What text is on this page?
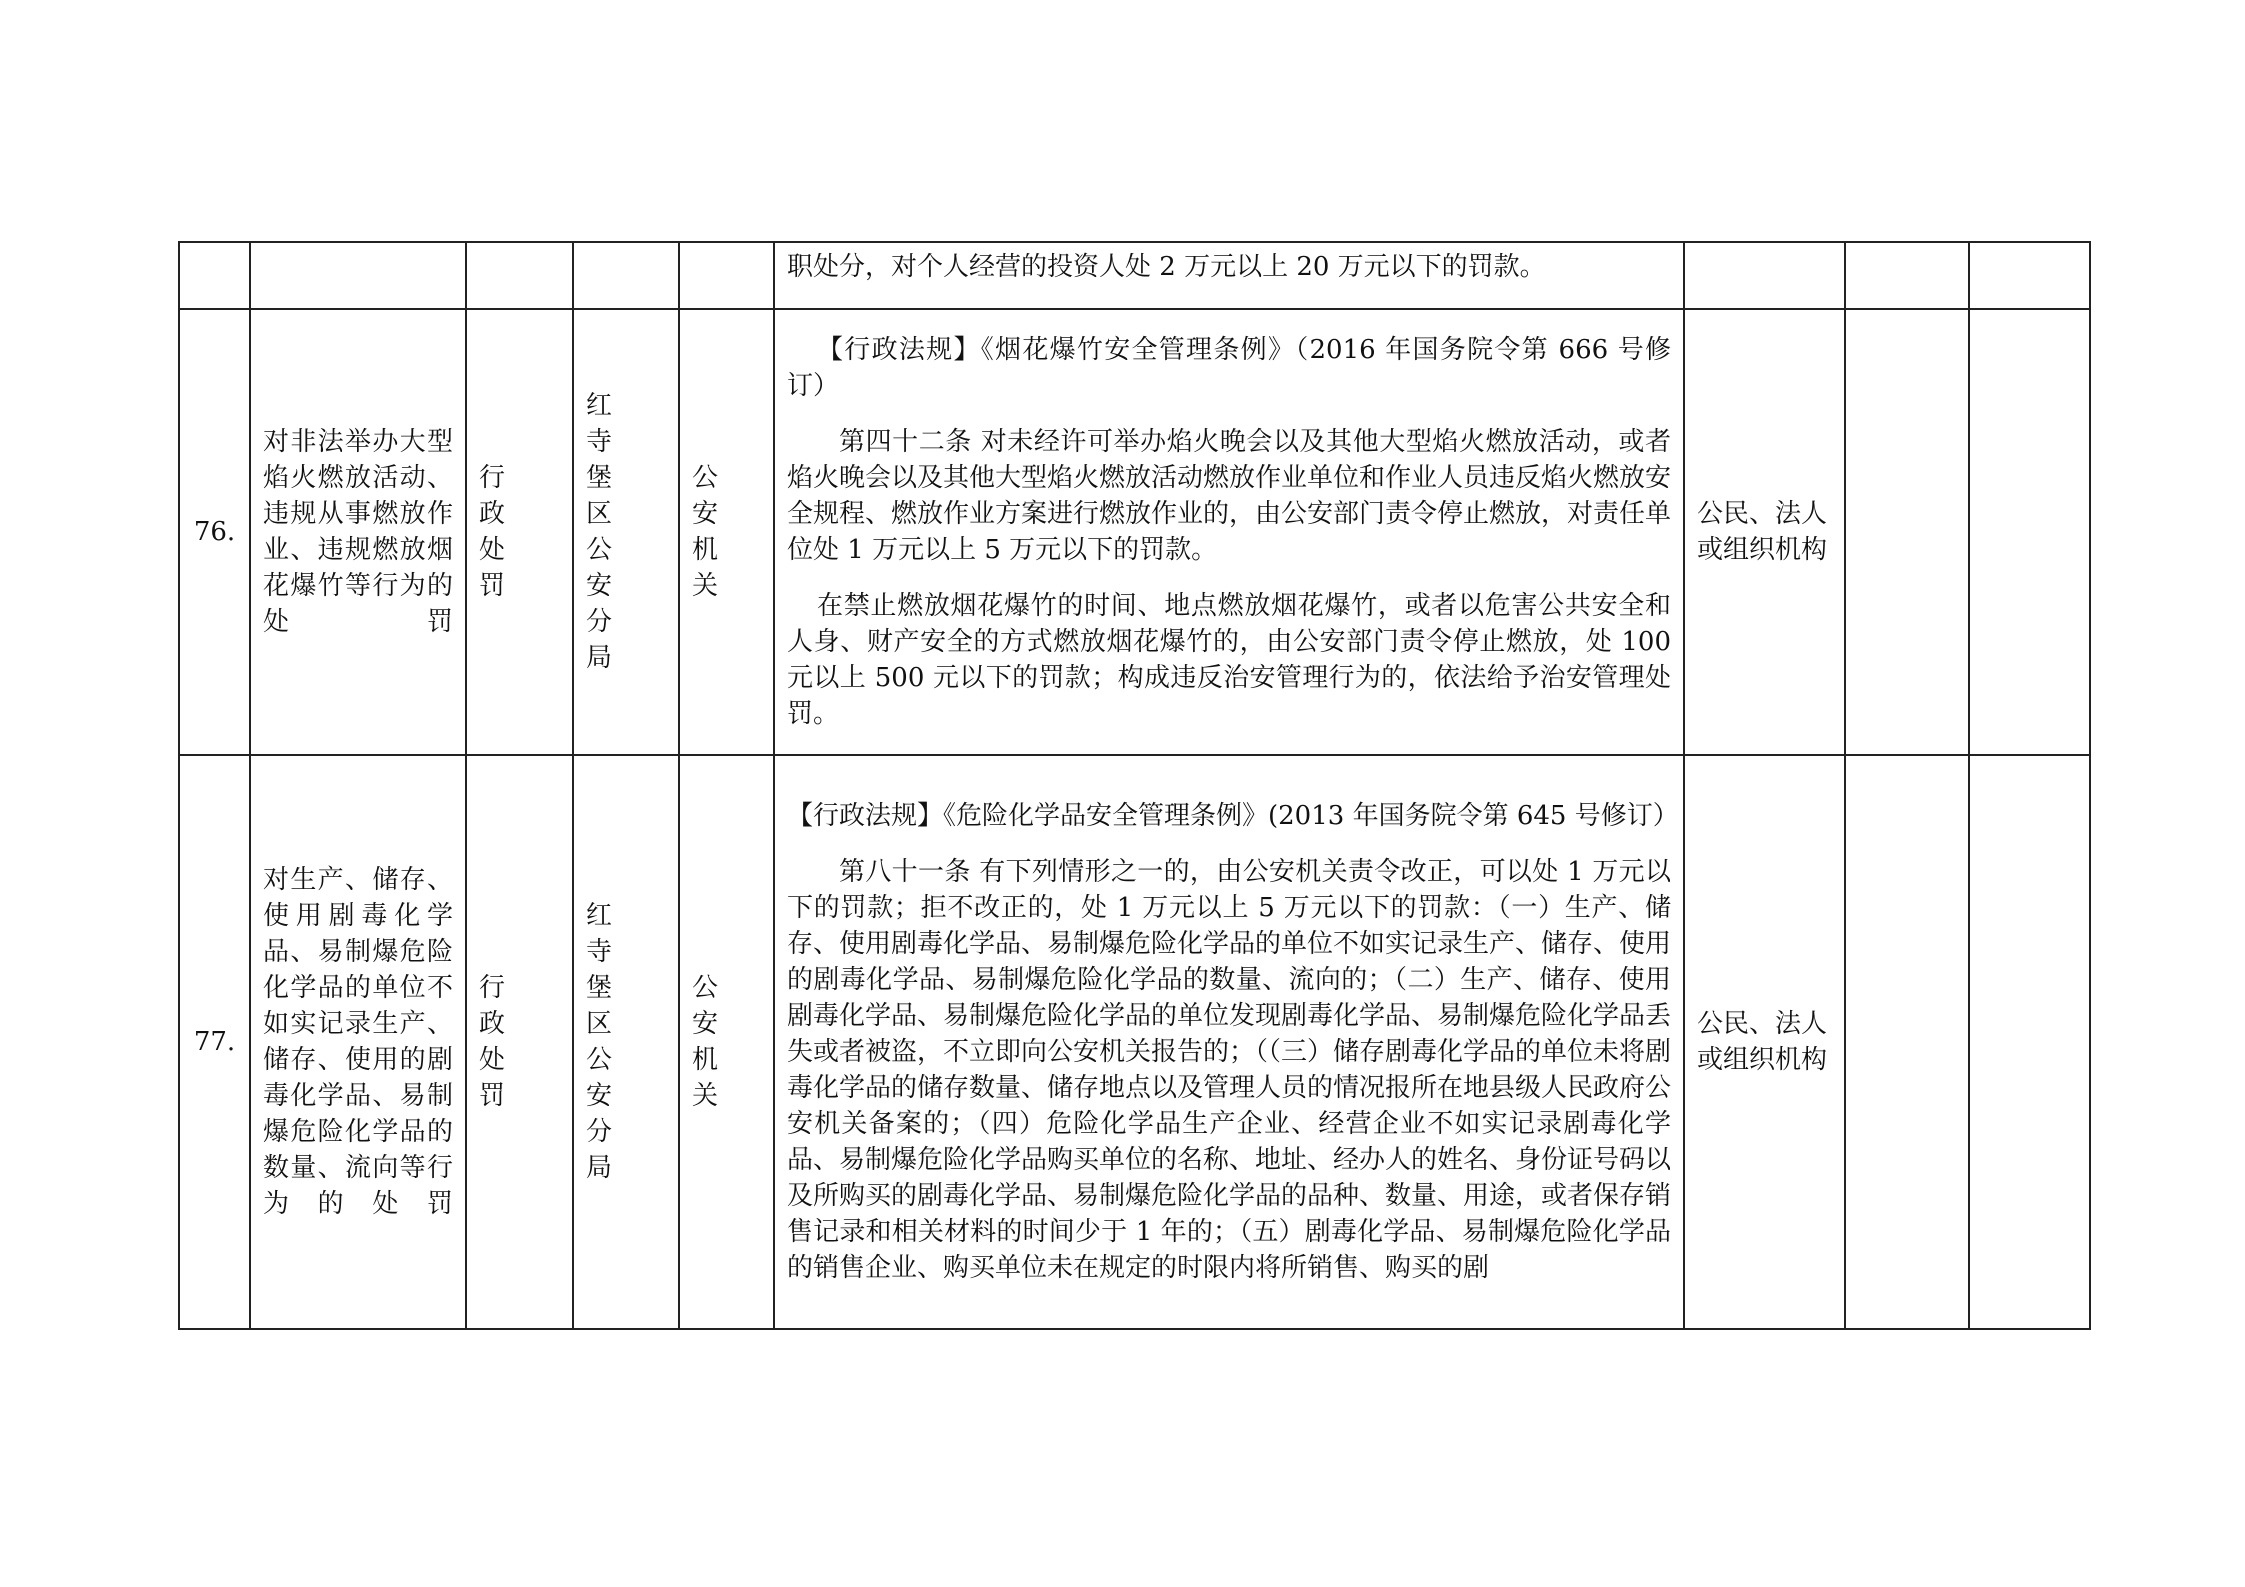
					职处分，对个人经营的投资人处 2 万元以上 20 万元以下的罚款。			

76.	对非法举办大型焰火燃放活动、违规从事燃放作业、违规燃放烟花爆竹等行为的处罚	行政处罚	红寺堡区公安分局	公安机关	【行政法规】《烟花爆竹安全管理条例》（2016 年国务院令第 666 号修订）

第四十二条 对未经许可举办焰火晚会以及其他大型焰火燃放活动，或者焰火晚会以及其他大型焰火燃放活动燃放作业单位和作业人员违反焰火燃放安全规程、燃放作业方案进行燃放作业的，由公安部门责令停止燃放，对责任单位处 1 万元以上 5 万元以下的罚款。

在禁止燃放烟花爆竹的时间、地点燃放烟花爆竹，或者以危害公共安全和人身、财产安全的方式燃放烟花爆竹的，由公安部门责令停止燃放，处 100 元以上 500 元以下的罚款；构成违反治安管理行为的，依法给予治安管理处罚。	公民、法人或组织机构		
77.	对生产、储存、使用剧毒化学品、易制爆危险化学品的单位不如实记录生产、储存、使用的剧毒化学品、易制爆危险化学品的数量、流向等行为的处罚	行政处罚	红寺堡区公安分局	公安机关	【行政法规】《危险化学品安全管理条例》(2013 年国务院令第 645 号修订）

第八十一条 有下列情形之一的，由公安机关责令改正，可以处 1 万元以下的罚款；拒不改正的，处 1 万元以上 5 万元以下的罚款：（一）生产、储存、使用剧毒化学品、易制爆危险化学品的单位不如实记录生产、储存、使用的剧毒化学品、易制爆危险化学品的数量、流向的；（二）生产、储存、使用剧毒化学品、易制爆危险化学品的单位发现剧毒化学品、易制爆危险化学品丢失或者被盗，不立即向公安机关报告的；（（三）储存剧毒化学品的单位未将剧毒化学品的储存数量、储存地点以及管理人员的情况报所在地县级人民政府公安机关备案的；（四）危险化学品生产企业、经营企业不如实记录剧毒化学品、易制爆危险化学品购买单位的名称、地址、经办人的姓名、身份证号码以及所购买的剧毒化学品、易制爆危险化学品的品种、数量、用途，或者保存销售记录和相关材料的时间少于 1 年的；（五）剧毒化学品、易制爆危险化学品的销售企业、购买单位未在规定的时限内将所销售、购买的剧	公民、法人或组织机构		
